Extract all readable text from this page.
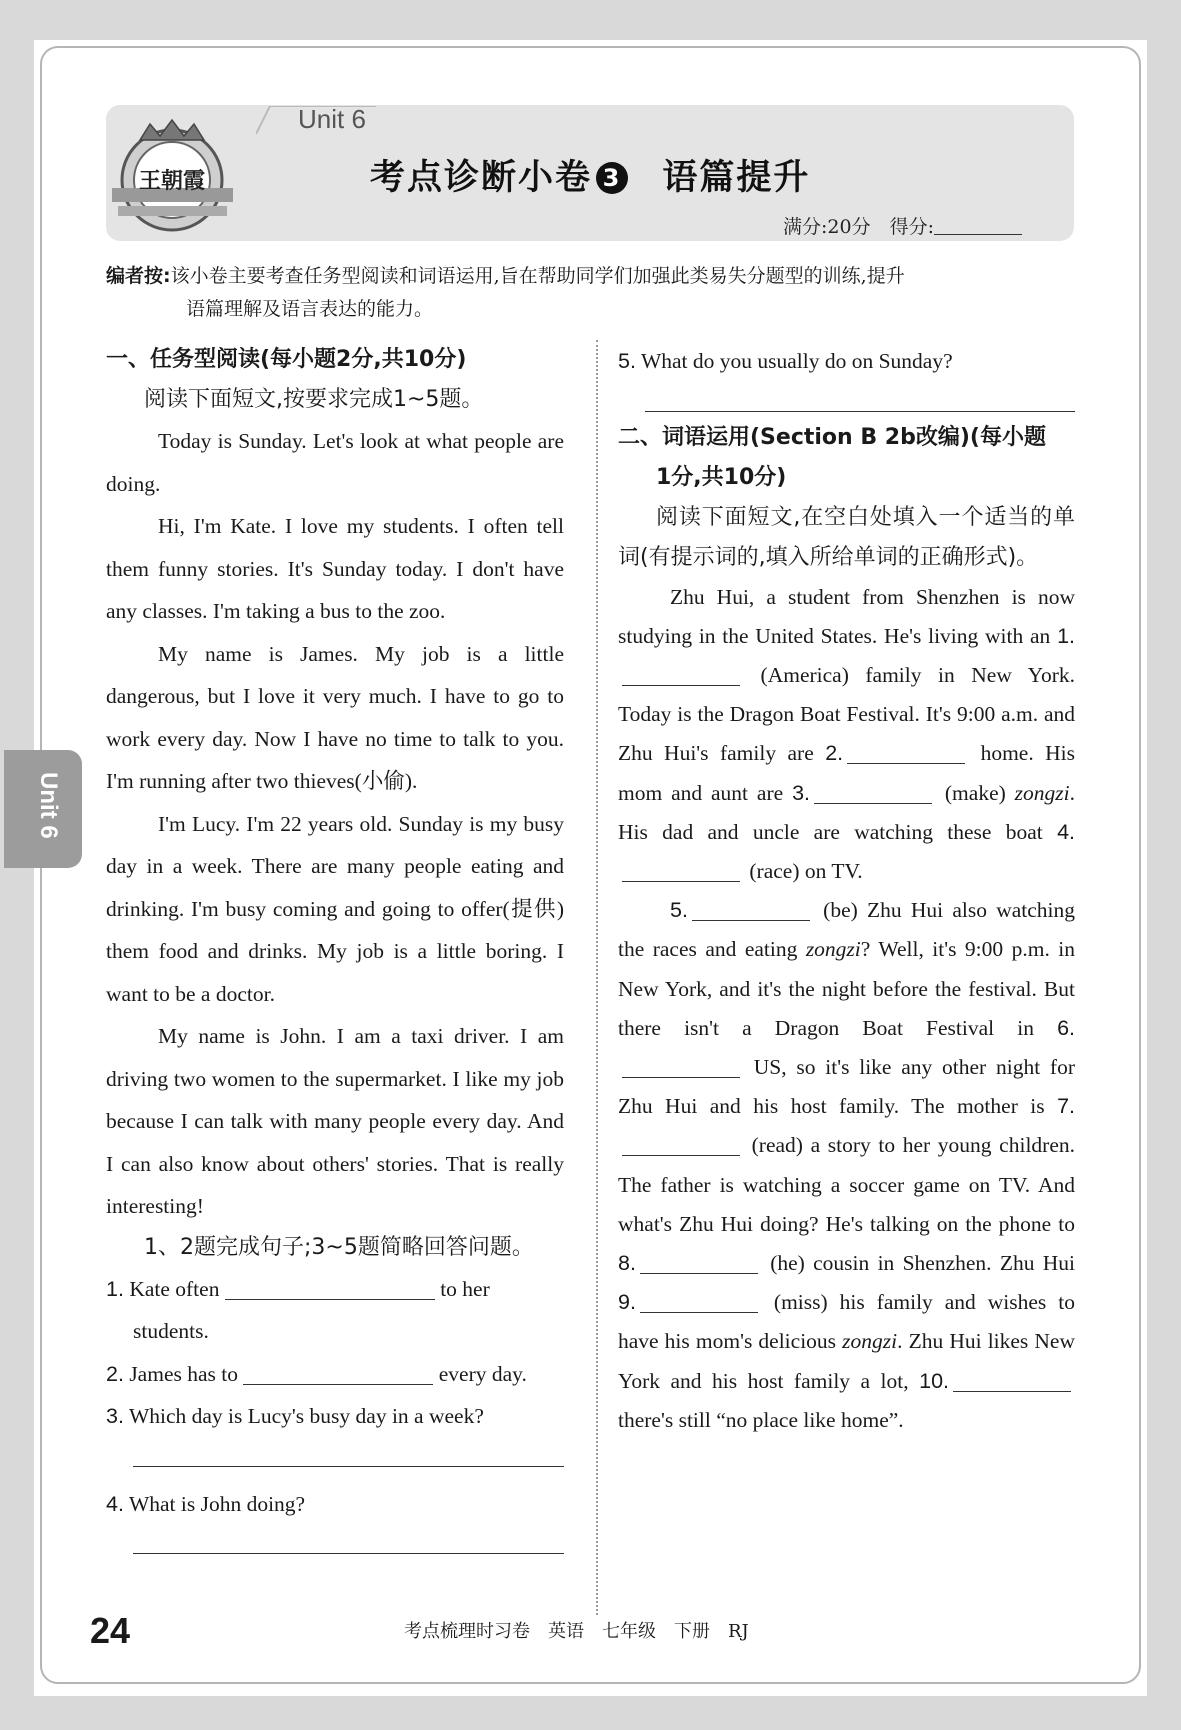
王朝霞
Unit 6
考点诊断小卷 3 语篇提升
满分:20分　得分:
编者按:该小卷主要考查任务型阅读和词语运用,旨在帮助同学们加强此类易失分题型的训练,提升
语篇理解及语言表达的能力。
Unit 6

一、任务型阅读(每小题2分,共10分)

阅读下面短文,按要求完成1~5题。

Today is Sunday. Let's look at what people are doing.

Hi, I'm Kate. I love my students. I often tell them funny stories. It's Sunday today. I don't have any classes. I'm taking a bus to the zoo.

My name is James. My job is a little dangerous, but I love it very much. I have to go to work every day. Now I have no time to talk to you. I'm running after two thieves(小偷).

I'm Lucy. I'm 22 years old. Sunday is my busy day in a week. There are many people eating and drinking. I'm busy coming and going to offer(提供) them food and drinks. My job is a little boring. I want to be a doctor.

My name is John. I am a taxi driver. I am driving two women to the supermarket. I like my job because I can talk with many people every day. And I can also know about others' stories. That is really interesting!

1、2题完成句子;3~5题简略回答问题。

1. Kate often	to her

students.

2. James has to	every day.

3. Which day is Lucy's busy day in a week?

4. What is John doing?

5. What do you usually do on Sunday?

二、词语运用(Section B 2b改编)(每小题

1分,共10分)

阅读下面短文,在空白处填入一个适当的单词(有提示词的,填入所给单词的正确形式)。

Zhu Hui, a student from Shenzhen is now studying in the United States. He's living with an 1. (America) family in New York. Today is the Dragon Boat Festival. It's 9:00 a.m. and Zhu Hui's family are 2.	home. His mom and aunt are 3.	(make) zongzi. His dad and uncle are watching these boat 4. (race) on TV.

5.	(be) Zhu Hui also watching the races and eating zongzi? Well, it's 9:00 p.m. in New York, and it's the night before the festival. But there isn't a Dragon Boat Festival in 6. US, so it's like any other night for Zhu Hui and his host family. The mother is 7. (read) a story to her young children. The father is watching a soccer game on TV. And what's Zhu Hui doing? He's talking on the phone to 8.	(he) cousin in Shenzhen. Zhu Hui 9.	(miss) his family and wishes to have his mom's delicious zongzi. Zhu Hui likes New York and his host family a lot, 10. there's still “no place like home”.

24	考点梳理时习卷　英语　七年级　下册　RJ
